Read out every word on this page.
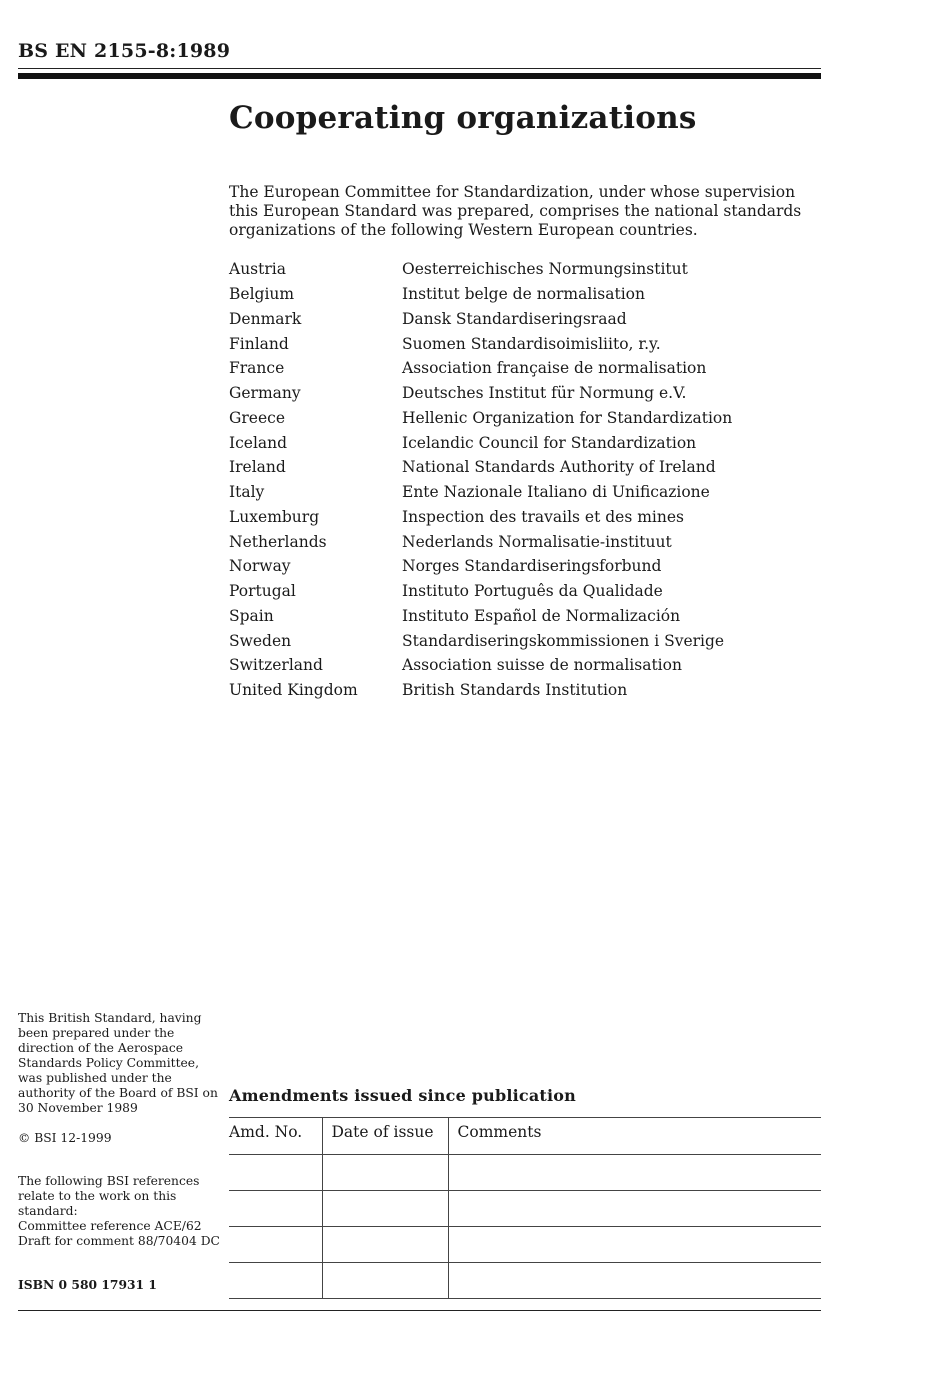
BS EN 2155-8:1989
Cooperating organizations
The European Committee for Standardization, under whose supervision this European Standard was prepared, comprises the national standards organizations of the following Western European countries.
Austria	Oesterreichisches Normungsinstitut
Belgium	Institut belge de normalisation
Denmark	Dansk Standardiseringsraad
Finland	Suomen Standardisoimisliito, r.y.
France	Association française de normalisation
Germany	Deutsches Institut für Normung e.V.
Greece	Hellenic Organization for Standardization
Iceland	Icelandic Council for Standardization
Ireland	National Standards Authority of Ireland
Italy	Ente Nazionale Italiano di Unificazione
Luxemburg	Inspection des travails et des mines
Netherlands	Nederlands Normalisatie-instituut
Norway	Norges Standardiseringsforbund
Portugal	Instituto Português da Qualidade
Spain	Instituto Español de Normalización
Sweden	Standardiseringskommissionen i Sverige
Switzerland	Association suisse de normalisation
United Kingdom	British Standards Institution

This British Standard, having been prepared under the direction of the Aerospace Standards Policy Committee, was published under the authority of the Board of BSI on 30 November 1989

© BSI 12-1999

The following BSI references relate to the work on this standard:
Committee reference ACE/62
Draft for comment 88/70404 DC

ISBN 0 580 17931 1

Amendments issued since publication
Amd. No.	Date of issue	Comments
